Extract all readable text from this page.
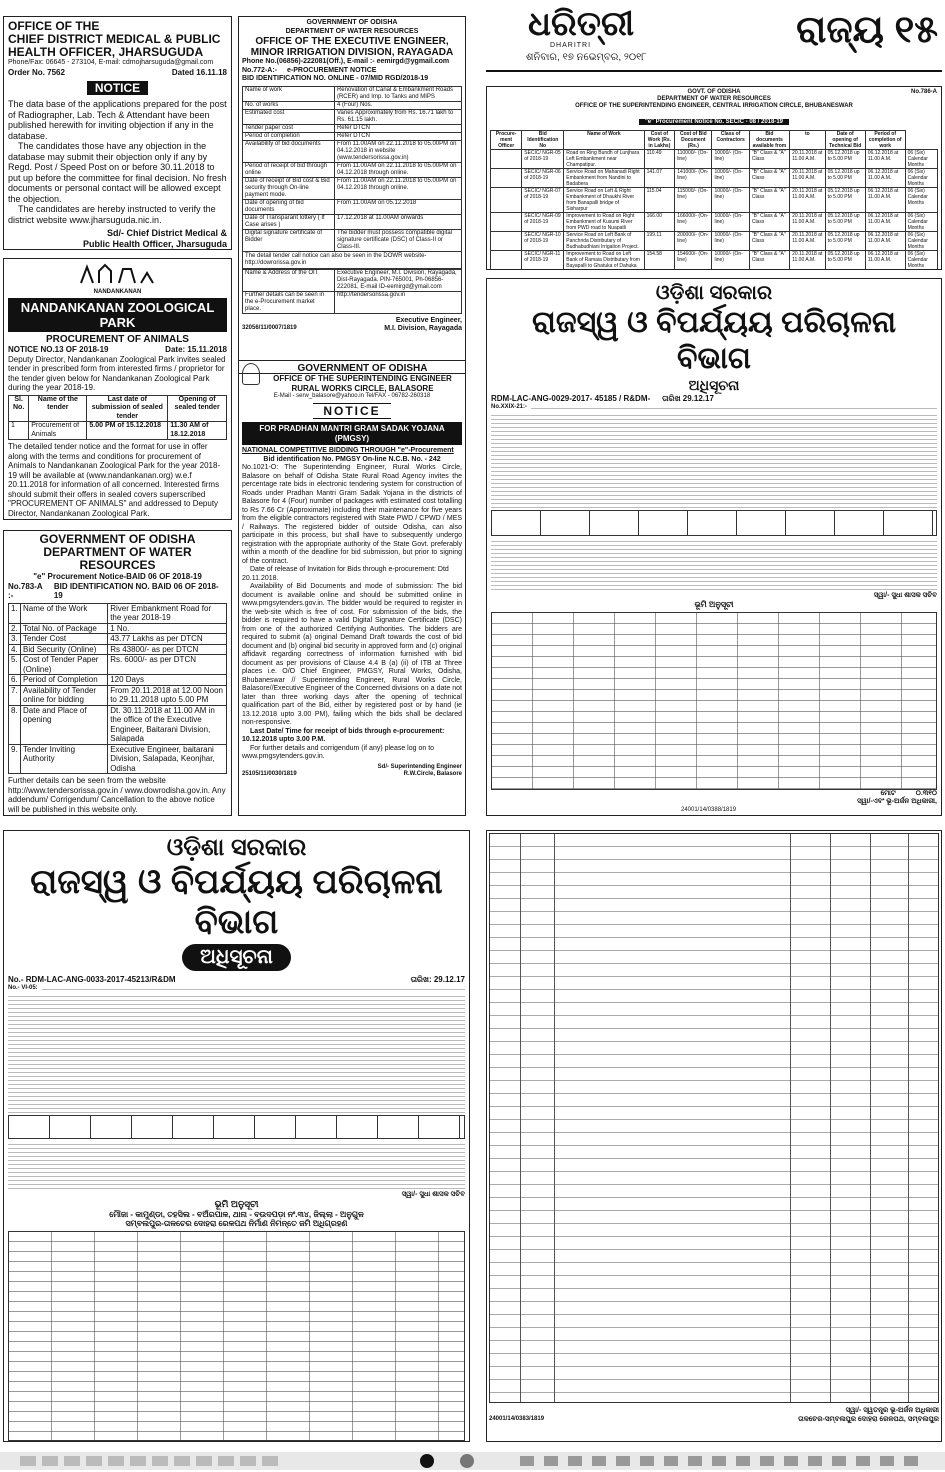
OFFICE OF THE
CHIEF DISTRICT MEDICAL & PUBLIC
HEALTH OFFICER, JHARSUGUDA
Phone/Fax: 06645 - 273104, E-mail: cdmojharsuguda@gmail.com
Order No. 7562	Dated 16.11.18
NOTICE

The data base of the applications prepared for the post of Radiographer, Lab. Tech & Attendant have been published herewith for inviting objection if any in the database.

The candidates those have any objection in the database may submit their objection only if any by Regd. Post / Speed Post on or before 30.11.2018 to put up before the committee for final decision. No fresh documents or personal contact will be allowed except the objection.

The candidates are hereby instructed to verify the district website www.jharsuguda.nic.in.

Sd/- Chief District Medical &
Public Health Officer, Jharsuguda
GOVERNMENT OF ODISHA
DEPARTMENT OF WATER RESOURCES
OFFICE OF THE EXECUTIVE ENGINEER,
MINOR IRRIGATION DIVISION, RAYAGADA
Phone No.(06856)-222081(Off.), E-mail :- eemirgd@ygmail.com
No.772-A:- e-PROCUREMENT NOTICE
BID IDENTIFICATION NO. ONLINE - 07/MID RGD/2018-19
Name of work	Renovation of Canal & Embankment Roads (RCER) and Imp. to Tanks and MIPS
No. of works	4 (Four) Nos.
Estimated cost	Varies Approximately from Rs. 16.71 lakh to Rs. 61.15 lakh.
Tender paper cost	Refer DTCN
Period of completion	Refer DTCN
Availability of bid documents	From 11.00AM on 22.11.2018 to 05.00PM on 04.12.2018 in website (www.tendersorissa.gov.in)
Period of receipt of bid through online	From 11.00AM on 22.11.2018 to 05.00PM on 04.12.2018 through online.
Date of receipt of Bid cost & Bid security through On-line payment mode.	From 11.00AM on 22.11.2018 to 05.00PM on 04.12.2018 through online.
Date of opening of bid documents	From 11.00AM on 05.12.2018
Date of Transparant lottery ( If Case arises )	17.12.2018 at 11.00AM onwards
Digital signature certificate of Bidder	The bidder must possess compatible digital signature certificate (DSC) of Class-II or Class-III.
The detail tender call notice can also be seen in the DOWR website-http://dowrorissa.gov.in
Name & Address of the OIT	Executive Engineer, M.I. Division, Rayagada, Dist-Rayagada. PIN-765001, Ph-06856-222081, E-mail ID-eemirgd@ymail.com
Further details can be seen in the e-Procurement market place.	http://tendersorissa.gov.in
Executive Engineer,
32056/11/0007/1819	M.I. Division, Rayagada
ଧରିତ୍ରୀ
DHARITRI
ଶନିବାର, ୧୭ ନଭେମ୍ବର, ୨୦୧୮
ରାଜ୍ୟ ୧୫
No.786-A
GOVT. OF ODISHA
DEPARTMENT OF WATER RESOURCES
OFFICE OF THE SUPERINTENDING ENGINEER, CENTRAL IRRIGATION CIRCLE, BHUBANESWAR
"e" Procurement Notice No. SECIC - 08 / 2018-19
Procure-ment Officer	Bid Identification No	Name of Work	Cost of Work (Rs. in Lakhs)	Cost of Bid Document (Rs.)	Class of Contractors	Bid documents available from	to	Date of opening of Technical Bid	Period of completion of work	
	SECIC/ NGR-05 of 2018-19	Road on Ring Bundh of Lunjhara Left Embankment near Champatipur.	110.49	110000/- (On-line)	10000/- (On-line)	"B" Class & "A" Class	20.11.2018 at 11.00 A.M.	05.12.2018 up to 5.00 PM	06.12.2018 at 11.00 A.M.	06 (Six) Calendar Months
	SECIC/ NGR-06 of 2018-19	Service Road on Mahanadi Right Embankment from Nandini to Badabera	141.07	141000/- (On-line)	10000/- (On-line)	"B" Class & "A" Class	20.11.2018 at 11.00 A.M.	05.12.2018 up to 5.00 PM	06.12.2018 at 11.00 A.M.	06 (Six) Calendar Months
	SECIC/ NGR-07 of 2018-19	Service Road on Left & Right Embankment of Dhaukhi River from Banapalli bridge of Sisharpur	115.04	115000/- (On-line)	10000/- (On-line)	"B" Class & "A" Class	20.11.2018 at 11.00 A.M.	05.12.2018 up to 5.00 PM	06.12.2018 at 11.00 A.M.	06 (Six) Calendar Months
	SECIC/ NGR-09 of 2018-19	Improvement to Road on Right Embankment of Kusumi River from PWD road to Nuapatli	166.00	166000/- (On-line)	10000/- (On-line)	"B" Class & "A" Class	20.11.2018 at 11.00 A.M.	05.12.2018 up to 5.00 PM	06.12.2018 at 11.00 A.M.	06 (Six) Calendar Months
	SECIC/ NGR-10 of 2018-19	Service Road on Left Bank of Panchrida Distributary of Budhabudhiani Irrigation Project.	199.11	200000/- (On-line)	10000/- (On-line)	"B" Class & "A" Class	20.11.2018 at 11.00 A.M.	05.12.2018 up to 5.00 PM	06.12.2018 at 11.00 A.M.	06 (Six) Calendar Months
	SECIC/ NGR-11 of 2018-19	Improvement to Road on Left Bank of Ramaia Distributary from Bayapalli to Ghatuka of Dahuka	154.58	154600/- (On-line)	10000/- (On-line)	"B" Class & "A" Class	20.11.2018 at 11.00 A.M.	05.12.2018 up to 5.00 PM	06.12.2018 at 11.00 A.M.	06 (Six) Calendar Months
NANDANKANAN
NANDANKANAN ZOOLOGICAL PARK
PROCUREMENT OF ANIMALS
NOTICE NO.13 OF 2018-19	Date: 15.11.2018

Deputy Director, Nandankanan Zoological Park invites sealed tender in prescribed form from interested firms / proprietor for the tender given below for Nandankanan Zoological Park during the year 2018-19.

Sl. No.	Name of the tender	Last date of submission of sealed tender	Opening of sealed tender
1	Procurement of Animals	5.00 PM of 15.12.2018	11.30 AM of 18.12.2018

The detailed tender notice and the format for use in offer along with the terms and conditions for procurement of Animals to Nandankanan Zoological Park for the year 2018-19 will be available at (www.nandankanan.org) w.e.f 20.11.2018 for information of all concerned. Interested firms should submit their offers in sealed covers superscribed "PROCUREMENT OF ANIMALS" and addressed to Deputy Director, Nandankanan Zoological Park.

GOVERNMENT OF ODISHA
OFFICE OF THE SUPERINTENDING ENGINEER
RURAL WORKS CIRCLE, BALASORE
E-Mail - serw_balasore@yahoo.in Tel/FAX - 06782-260318
NOTICE
FOR PRADHAN MANTRI GRAM SADAK YOJANA (PMGSY)
NATIONAL COMPETITIVE BIDDING THROUGH "e"-Procurement
Bid identification No. PMGSY On-line N.C.B. No. - 242

No.1021-O: The Superintending Engineer, Rural Works Circle, Balasore on behalf of Odisha State Rural Road Agency invites the percentage rate bids in electronic tendering system for construction of Roads under Pradhan Mantri Gram Sadak Yojana in the districts of Balasore for 4 (Four) number of packages with estimated cost totalling to Rs 7.66 Cr (Approximate) including their maintenance for five years from the eligible contractors registered with State PWD / CPWD / MES / Railways. The registered bidder of outside Odisha, can also participate in this process, but shall have to subsequently undergo registration with the appropriate authority of the State Govt. preferably within a month of the deadline for bid submission, but prior to signing of the contract.

Date of release of Invitation for Bids through e-procurement: Dtd 20.11.2018.

Availability of Bid Documents and mode of submission: The bid document is available online and should be submitted online in www.pmgsytenders.gov.in. The bidder would be required to register in the web-site which is free of cost. For submission of the bids, the bidder is required to have a valid Digital Signature Certificate (DSC) from one of the authorized Certifying Authorities. The bidders are required to submit (a) original Demand Draft towards the cost of bid document and (b) original bid security in approved form and (c) original affidavit regarding correctness of information furnished with bid document as per provisions of Clause 4.4 B (a) (ii) of ITB at Three places i.e. O/O Chief Engineer, PMGSY, Rural Works, Odisha, Bhubaneswar // Superintending Engineer, Rural Works Circle, Balasore//Executive Engineer of the Concerned divisions on a date not later than three working days after the opening of technical qualification part of the Bid, either by registered post or by hand (ie 13.12.2018 upto 3.00 PM), failing which the bids shall be declared non-responsive.

Last Date/ Time for receipt of bids through e-procurement: 10.12.2018 upto 3.00 P.M.

For further details and corrigendum (if any) please log on to www.pmgsytenders.gov.in.

Sd/- Superintending Engineer
25105/11/0030/1819	R.W.Circle, Balasore
GOVERNMENT OF ODISHA
DEPARTMENT OF WATER RESOURCES
"e" Procurement Notice-BAID 06 OF 2018-19
No.783-A :-
BID IDENTIFICATION NO. BAID 06 OF 2018-19
1.	Name of the Work	River Embankment Road for the year 2018-19
2.	Total No. of Package	1 No.
3.	Tender Cost	43.77 Lakhs as per DTCN
4.	Bid Security (Online)	Rs 43800/- as per DTCN
5.	Cost of Tender Paper (Online)	Rs. 6000/- as per DTCN
6.	Period of Completion	120 Days
7.	Availability of Tender online for bidding	From 20.11.2018 at 12.00 Noon to 29.11.2018 upto 5.00 PM
8.	Date and Place of opening	Dt. 30.11.2018 at 11.00 AM in the office of the Executive Engineer, Baitarani Division, Salapada
9.	Tender Inviting Authority	Executive Engineer, baitarani Division, Salapada, Keonjhar, Odisha

Further details can be seen from the website http://www.tendersorissa.gov.in / www.dowrodisha.gov.in. Any addendum/ Corrigendum/ Cancellation to the above notice will be published in this website only.

ଓଡ଼ିଶା ସରକାର
ରାଜସ୍ୱ ଓ ବିପର୍ଯ୍ୟୟ ପରିଚାଳନା ବିଭାଗ
ଅଧିସୂଚନା
RDM-LAC-ANG-0029-2017- 45185 / R&DM- ତାରିଖ 29.12.17
No.XXIX-21:-
ସ୍ୱା/- ସୁଧା ଶାସକ ସଚିବ
ଭୂମି ଅନୁସୂଚୀ
ମୋଟ	୦.୩୧୦
ସ୍ୱା/-ଏବଂ ଭୂ-ଅର୍ଜନ ଅଧିକାରୀ,
24001/14/0388/1819
ଓଡ଼ିଶା ସରକାର
ରାଜସ୍ୱ ଓ ବିପର୍ଯ୍ୟୟ ପରିଚାଳନା ବିଭାଗ
ଅଧିସୂଚନା
No.- RDM-LAC-ANG-0033-2017-45213/R&DM	ତାରିଖ: 29.12.17
No.- VI-05:
ସ୍ୱା/- ସୁଧା ଶାସକ ସଚିବ
ଭୂମି ଅନୁସୂଚୀ
ମୌଜା - କାମୁଣ୍ଡା, ତହସିଲ - ବଅଁରପାଳ, ଥାନା - ବଉଦପଡ଼ା ନଂ.୩୪, ଜିଲ୍ଲା - ଅନୁଗୁଳ
ସମ୍ବଲପୁର-ତାଳଚେର ଦୋହରା ରେଳପଥ ନିର୍ମାଣ ନିମନ୍ତେ ଜମି ଅଧିଗ୍ରହଣ
ସ୍ୱା/- ସ୍ୱତନ୍ତ୍ର ଭୂ-ଅର୍ଜନ ଅଧିକାରୀ
24001/14/0383/1819	ତାଳଚେର-ସମ୍ବଲପୁର ଦୋହରା ରେଳପଥ, ସମ୍ବଲପୁର
